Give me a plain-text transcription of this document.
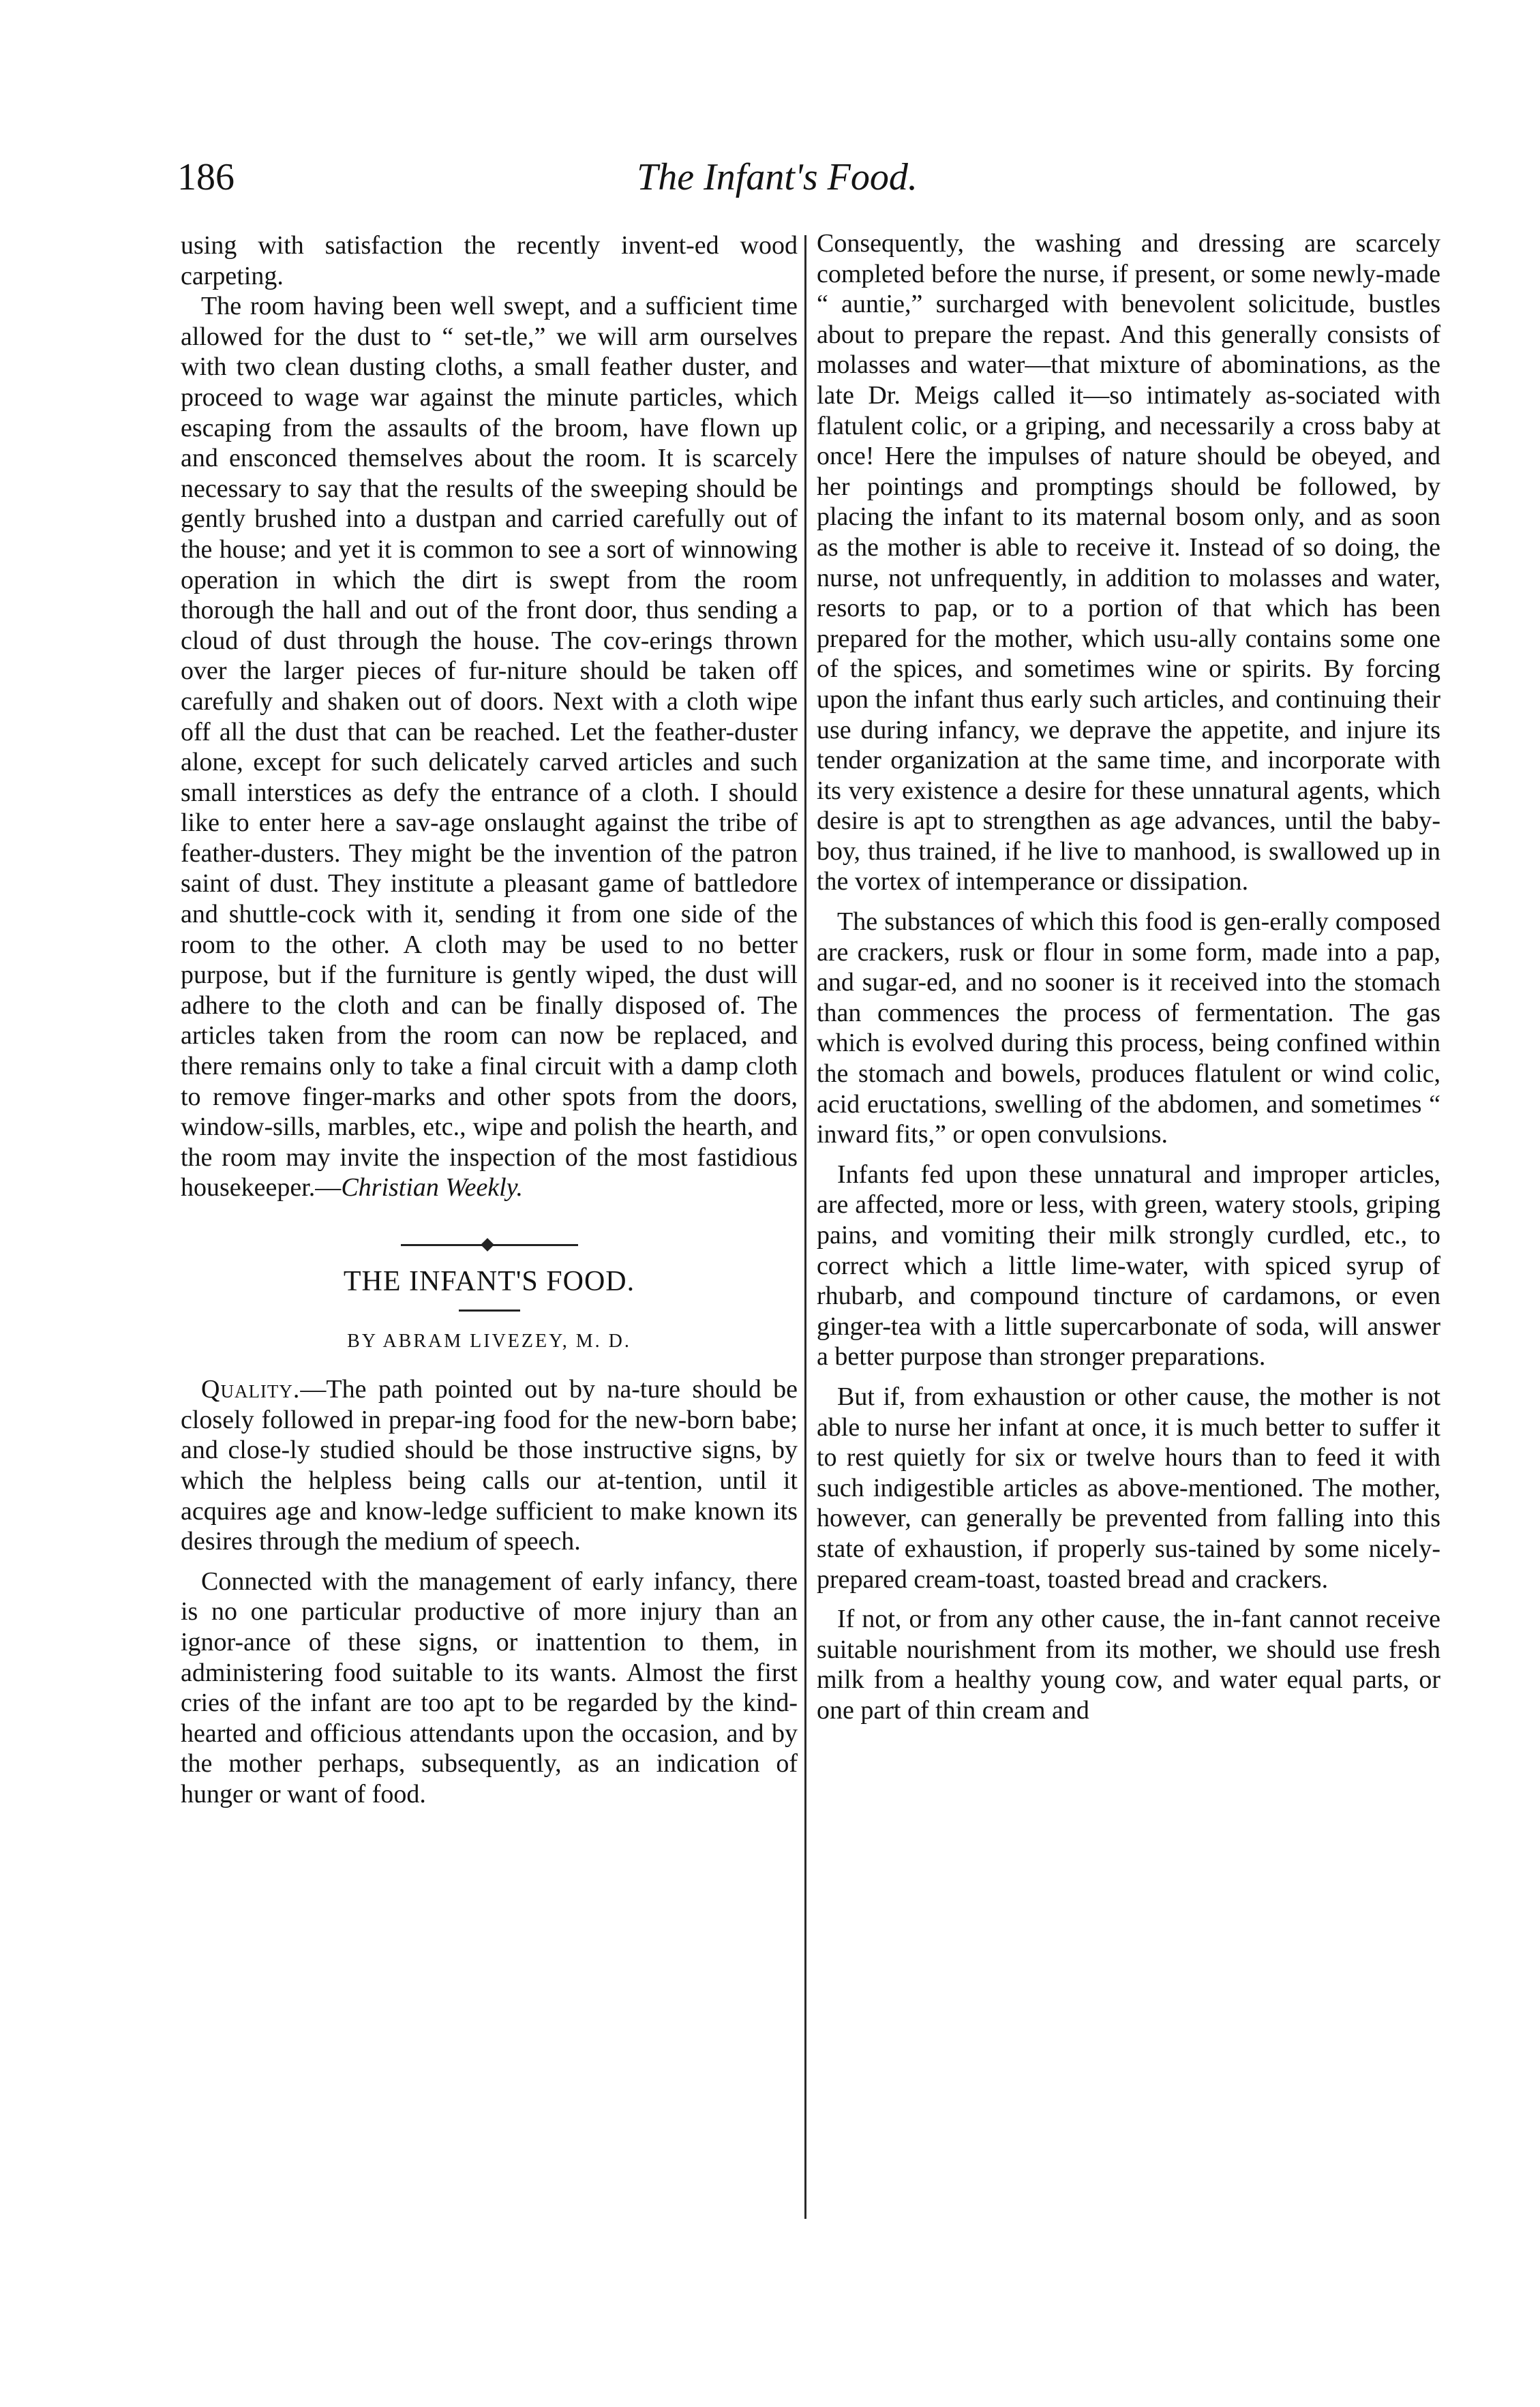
186	The Infant's Food.

using with satisfaction the recently invent-ed wood carpeting.

The room having been well swept, and a sufficient time allowed for the dust to “ set-tle,” we will arm ourselves with two clean dusting cloths, a small feather duster, and proceed to wage war against the minute particles, which escaping from the assaults of the broom, have flown up and ensconced themselves about the room. It is scarcely necessary to say that the results of the sweeping should be gently brushed into a dustpan and carried carefully out of the house; and yet it is common to see a sort of winnowing operation in which the dirt is swept from the room thorough the hall and out of the front door, thus sending a cloud of dust through the house. The cov-erings thrown over the larger pieces of fur-niture should be taken off carefully and shaken out of doors. Next with a cloth wipe off all the dust that can be reached. Let the feather-duster alone, except for such delicately carved articles and such small interstices as defy the entrance of a cloth. I should like to enter here a sav-age onslaught against the tribe of feather-dusters. They might be the invention of the patron saint of dust. They institute a pleasant game of battledore and shuttle-cock with it, sending it from one side of the room to the other. A cloth may be used to no better purpose, but if the furniture is gently wiped, the dust will adhere to the cloth and can be finally disposed of. The articles taken from the room can now be replaced, and there remains only to take a final circuit with a damp cloth to remove finger-marks and other spots from the doors, window-sills, marbles, etc., wipe and polish the hearth, and the room may invite the inspection of the most fastidious housekeeper.—Christian Weekly.

THE INFANT'S FOOD.
BY ABRAM LIVEZEY, M. D.

Quality.—The path pointed out by na-ture should be closely followed in prepar-ing food for the new-born babe; and close-ly studied should be those instructive signs, by which the helpless being calls our at-tention, until it acquires age and know-ledge sufficient to make known its desires through the medium of speech.

Connected with the management of early infancy, there is no one particular productive of more injury than an ignor-ance of these signs, or inattention to them, in administering food suitable to its wants. Almost the first cries of the infant are too apt to be regarded by the kind-hearted and officious attendants upon the occasion, and by the mother perhaps, subsequently, as an indication of hunger or want of food.

Consequently, the washing and dressing are scarcely completed before the nurse, if present, or some newly-made “ auntie,” surcharged with benevolent solicitude, bustles about to prepare the repast. And this generally consists of molasses and water—that mixture of abominations, as the late Dr. Meigs called it—so intimately as-sociated with flatulent colic, or a griping, and necessarily a cross baby at once! Here the impulses of nature should be obeyed, and her pointings and promptings should be followed, by placing the infant to its maternal bosom only, and as soon as the mother is able to receive it. Instead of so doing, the nurse, not unfrequently, in addition to molasses and water, resorts to pap, or to a portion of that which has been prepared for the mother, which usu-ally contains some one of the spices, and sometimes wine or spirits. By forcing upon the infant thus early such articles, and continuing their use during infancy, we deprave the appetite, and injure its tender organization at the same time, and incorporate with its very existence a desire for these unnatural agents, which desire is apt to strengthen as age advances, until the baby-boy, thus trained, if he live to manhood, is swallowed up in the vortex of intemperance or dissipation.

The substances of which this food is gen-erally composed are crackers, rusk or flour in some form, made into a pap, and sugar-ed, and no sooner is it received into the stomach than commences the process of fermentation. The gas which is evolved during this process, being confined within the stomach and bowels, produces flatulent or wind colic, acid eructations, swelling of the abdomen, and sometimes “ inward fits,” or open convulsions.

Infants fed upon these unnatural and improper articles, are affected, more or less, with green, watery stools, griping pains, and vomiting their milk strongly curdled, etc., to correct which a little lime-water, with spiced syrup of rhubarb, and compound tincture of cardamons, or even ginger-tea with a little supercarbonate of soda, will answer a better purpose than stronger preparations.

But if, from exhaustion or other cause, the mother is not able to nurse her infant at once, it is much better to suffer it to rest quietly for six or twelve hours than to feed it with such indigestible articles as above-mentioned. The mother, however, can generally be prevented from falling into this state of exhaustion, if properly sus-tained by some nicely-prepared cream-toast, toasted bread and crackers.

If not, or from any other cause, the in-fant cannot receive suitable nourishment from its mother, we should use fresh milk from a healthy young cow, and water equal parts, or one part of thin cream and
